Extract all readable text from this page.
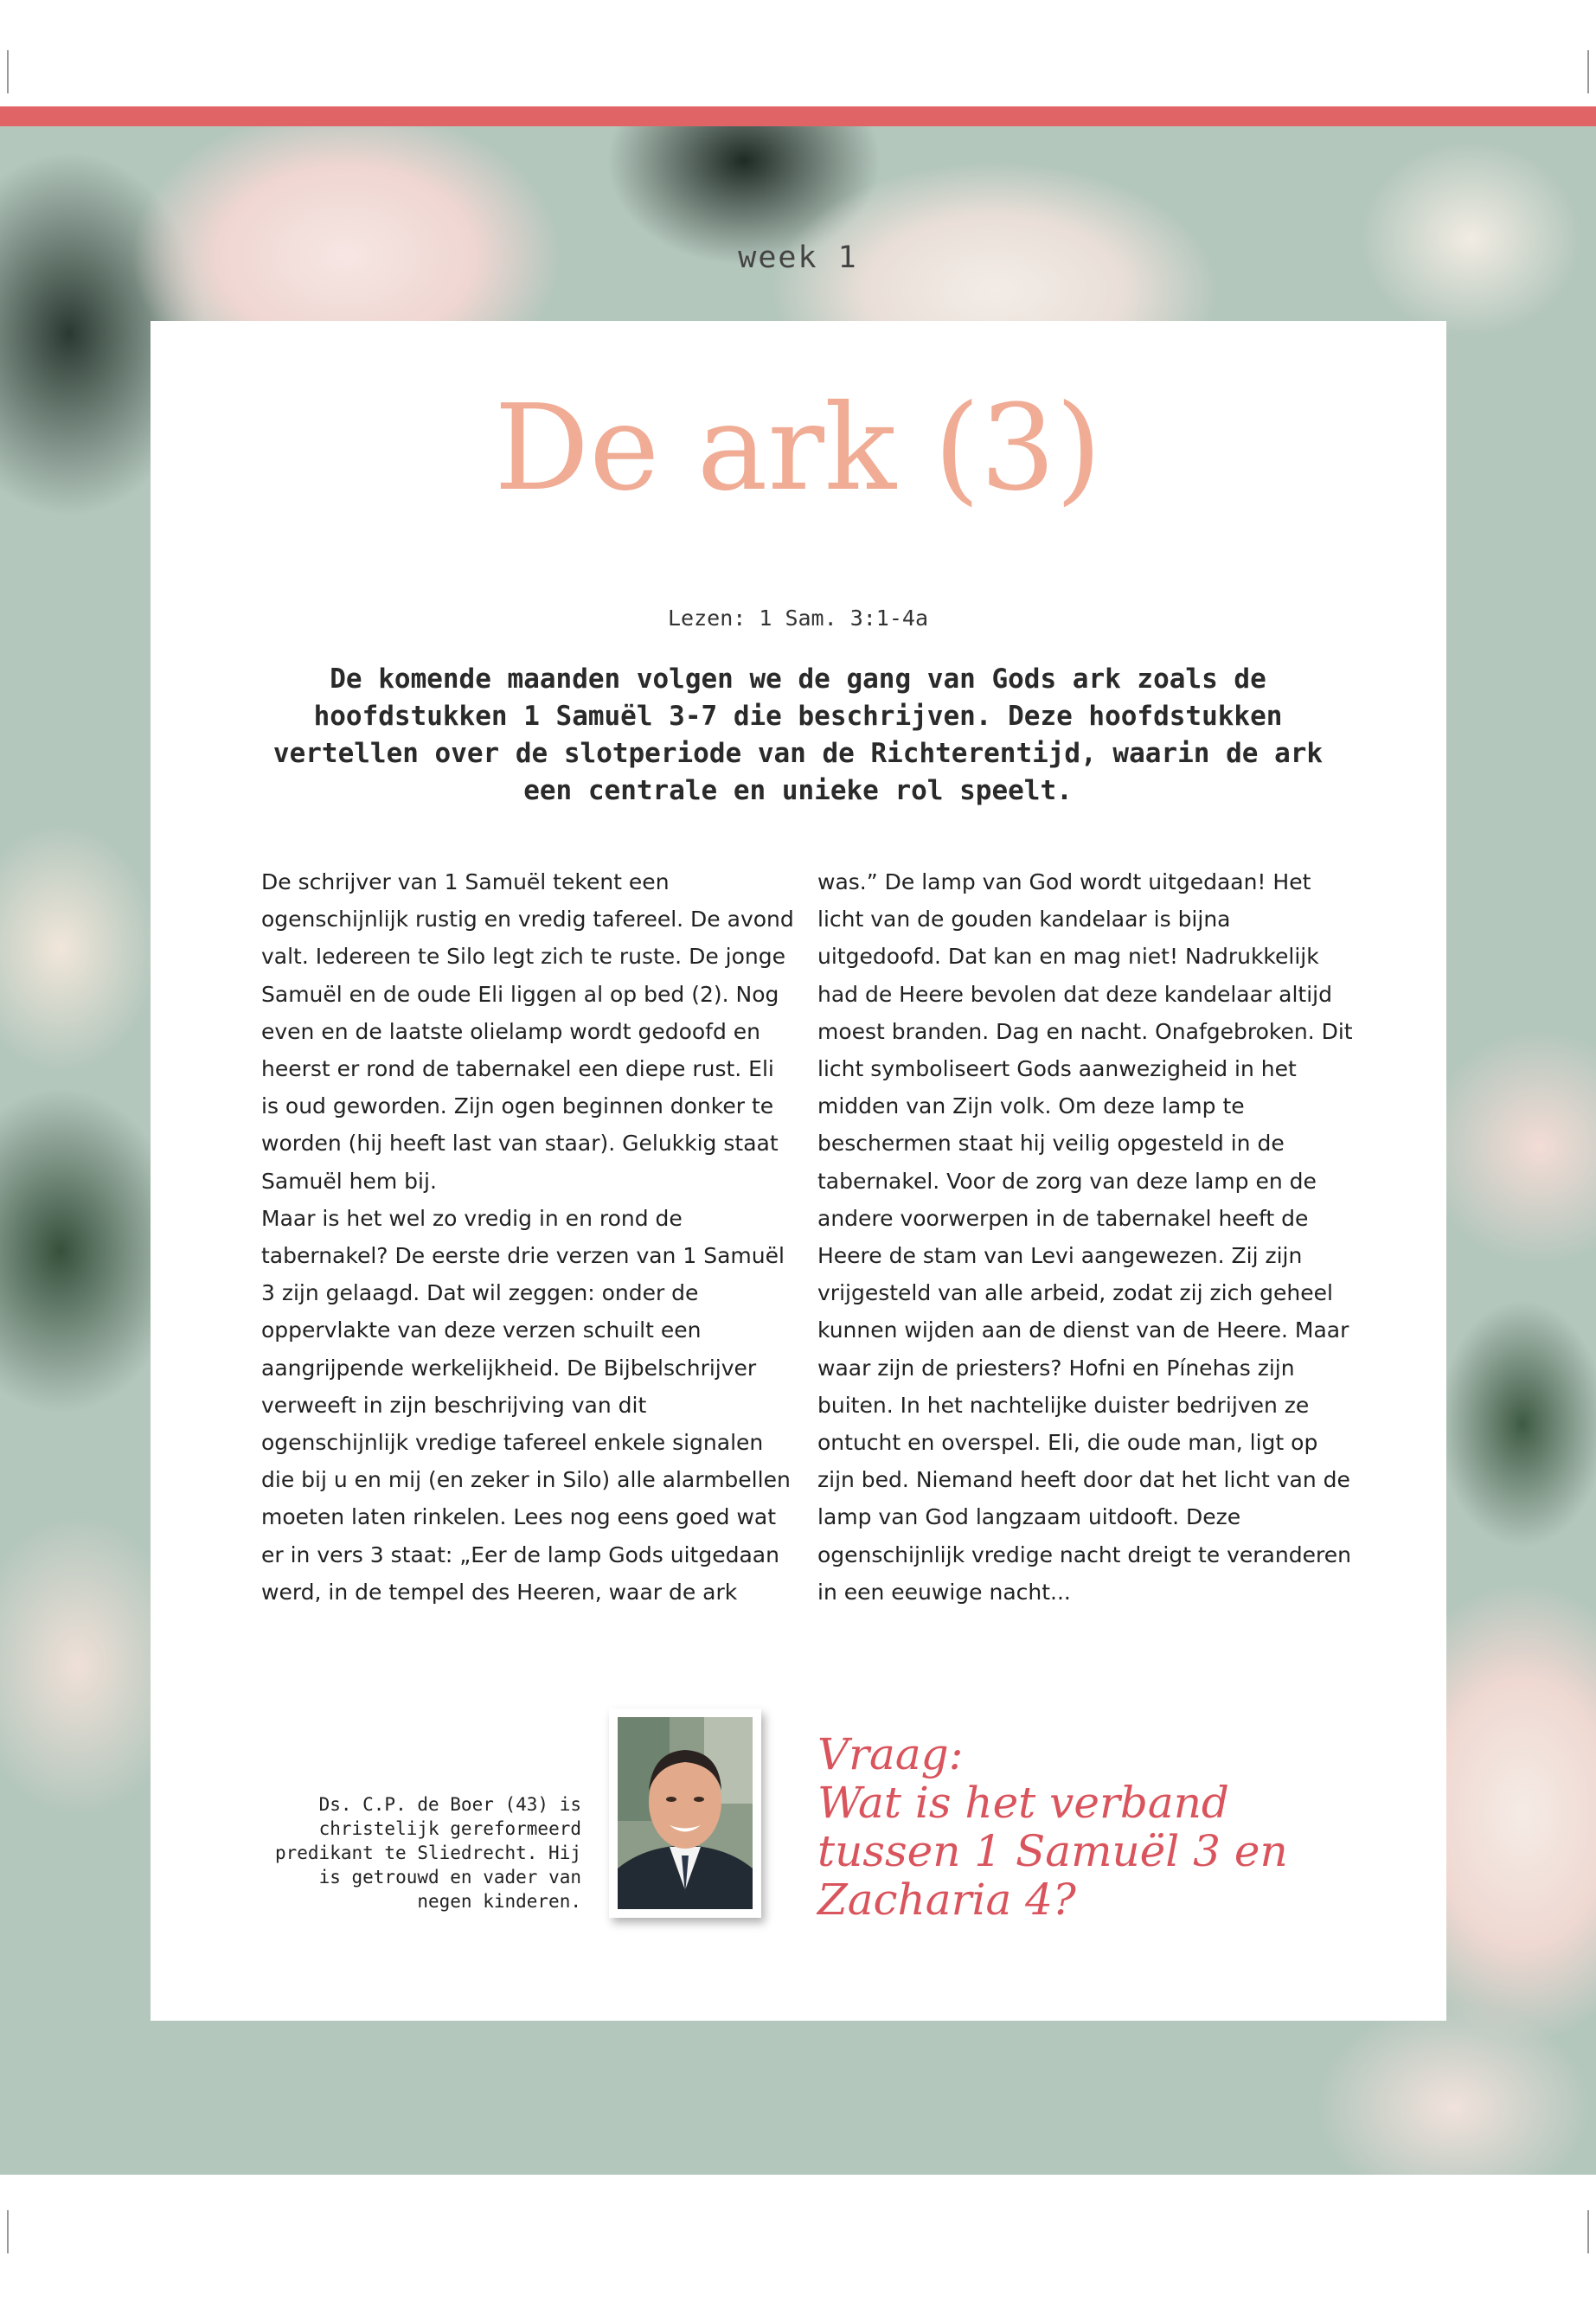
week 1
De ark (3)
Lezen: 1 Sam. 3:1-4a

De komende maanden volgen we de gang van Gods ark zoals de hoofdstukken 1 Samuël 3-7 die beschrijven. Deze hoofdstukken vertellen over de slotperiode van de Richterentijd, waarin de ark een centrale en unieke rol speelt.

De schrijver van 1 Samuël tekent een ogenschijnlijk rustig en vredig tafereel. De avond valt. Iedereen te Silo legt zich te ruste. De jonge Samuël en de oude Eli liggen al op bed (2). Nog even en de laatste olielamp wordt gedoofd en heerst er rond de tabernakel een diepe rust. Eli is oud geworden. Zijn ogen beginnen donker te worden (hij heeft last van staar). Gelukkig staat Samuël hem bij.
Maar is het wel zo vredig in en rond de tabernakel? De eerste drie verzen van 1 Samuël 3 zijn gelaagd. Dat wil zeggen: onder de oppervlakte van deze verzen schuilt een aangrijpende werkelijkheid. De Bijbelschrijver verweeft in zijn beschrijving van dit ogenschijnlijk vredige tafereel enkele signalen die bij u en mij (en zeker in Silo) alle alarmbellen moeten laten rinkelen. Lees nog eens goed wat er in vers 3 staat: „Eer de lamp Gods uitgedaan werd, in de tempel des Heeren, waar de ark

was.” De lamp van God wordt uitgedaan! Het licht van de gouden kandelaar is bijna uitgedoofd. Dat kan en mag niet! Nadrukkelijk had de Heere bevolen dat deze kandelaar altijd moest branden. Dag en nacht. Onafgebroken. Dit licht symboliseert Gods aanwezigheid in het midden van Zijn volk. Om deze lamp te beschermen staat hij veilig opgesteld in de tabernakel. Voor de zorg van deze lamp en de andere voorwerpen in de tabernakel heeft de Heere de stam van Levi aangewezen. Zij zijn vrijgesteld van alle arbeid, zodat zij zich geheel kunnen wijden aan de dienst van de Heere. Maar waar zijn de priesters? Hofni en Pínehas zijn buiten. In het nachtelijke duister bedrijven ze ontucht en overspel. Eli, die oude man, ligt op zijn bed. Niemand heeft door dat het licht van de lamp van God langzaam uitdooft. Deze ogenschijnlijk vredige nacht dreigt te veranderen in een eeuwige nacht...

Ds. C.P. de Boer (43) is christelijk gereformeerd predikant te Sliedrecht. Hij is getrouwd en vader van negen kinderen.

Vraag:
Wat is het verband
tussen 1 Samuël 3 en
Zacharia 4?
